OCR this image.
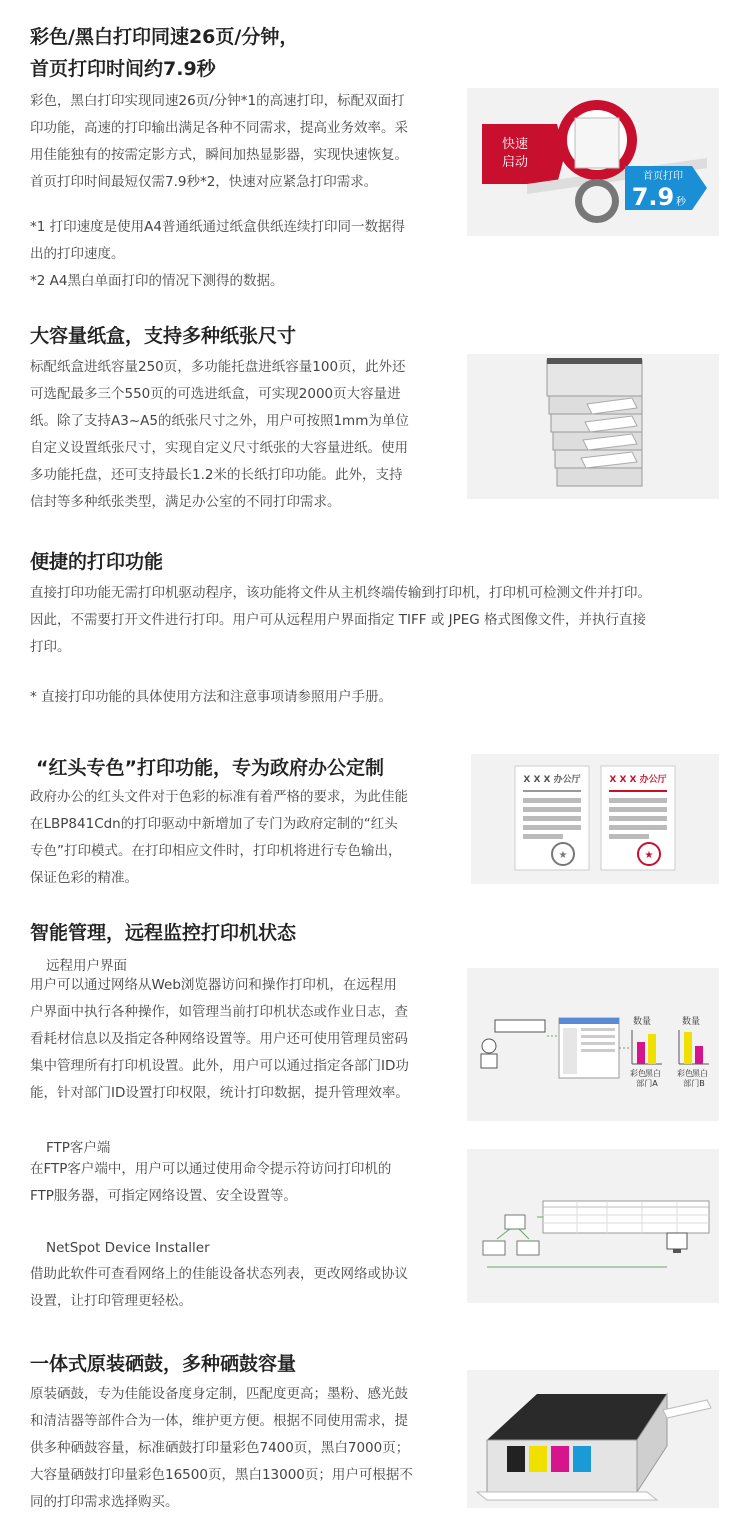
彩色/黑白打印同速26页/分钟，
首页打印时间约7.9秒

彩色，黑白打印实现同速26页/分钟*1的高速打印，标配双面打

印功能，高速的打印输出满足各种不同需求，提高业务效率。采

用佳能独有的按需定影方式，瞬间加热显影器，实现快速恢复。

首页打印时间最短仅需7.9秒*2，快速对应紧急打印需求。

*1 打印速度是使用A4普通纸通过纸盒供纸连续打印同一数据得

出的打印速度。

*2 A4黑白单面打印的情况下测得的数据。

快速
启动
首页打印
7.9 秒
大容量纸盒，支持多种纸张尺寸

标配纸盒进纸容量250页，多功能托盘进纸容量100页，此外还

可选配最多三个550页的可选进纸盒，可实现2000页大容量进

纸。除了支持A3~A5的纸张尺寸之外，用户可按照1mm为单位

自定义设置纸张尺寸，实现自定义尺寸纸张的大容量进纸。使用

多功能托盘，还可支持最长1.2米的长纸打印功能。此外，支持

信封等多种纸张类型，满足办公室的不同打印需求。

便捷的打印功能

直接打印功能无需打印机驱动程序，该功能将文件从主机终端传输到打印机，打印机可检测文件并打印。

因此，不需要打开文件进行打印。用户可从远程用户界面指定 TIFF 或 JPEG 格式图像文件，并执行直接

打印。

* 直接打印功能的具体使用方法和注意事项请参照用户手册。

“红头专色”打印功能，专为政府办公定制

政府办公的红头文件对于色彩的标准有着严格的要求，为此佳能

在LBP841Cdn的打印驱动中新增加了专门为政府定制的“红头

专色”打印模式。在打印相应文件时，打印机将进行专色输出，

保证色彩的精准。

X X X 办公厅
★
X X X 办公厅
★
智能管理，远程监控打印机状态
远程用户界面

用户可以通过网络从Web浏览器访问和操作打印机，在远程用

户界面中执行各种操作，如管理当前打印机状态或作业日志，查

看耗材信息以及指定各种网络设置等。用户还可使用管理员密码

集中管理所有打印机设置。此外，用户可以通过指定各部门ID功

能，针对部门ID设置打印权限，统计打印数据，提升管理效率。

数量
彩色 黑白
部门A
数量
彩色 黑白
部门B
FTP客户端

在FTP客户端中，用户可以通过使用命令提示符访问打印机的

FTP服务器，可指定网络设置、安全设置等。

NetSpot Device Installer

借助此软件可查看网络上的佳能设备状态列表，更改网络或协议

设置，让打印管理更轻松。

一体式原装硒鼓，多种硒鼓容量

原装硒鼓，专为佳能设备度身定制，匹配度更高；墨粉、感光鼓

和清洁器等部件合为一体，维护更方便。根据不同使用需求，提

供多种硒鼓容量，标准硒鼓打印量彩色7400页，黑白7000页；

大容量硒鼓打印量彩色16500页，黑白13000页；用户可根据不

同的打印需求选择购买。
